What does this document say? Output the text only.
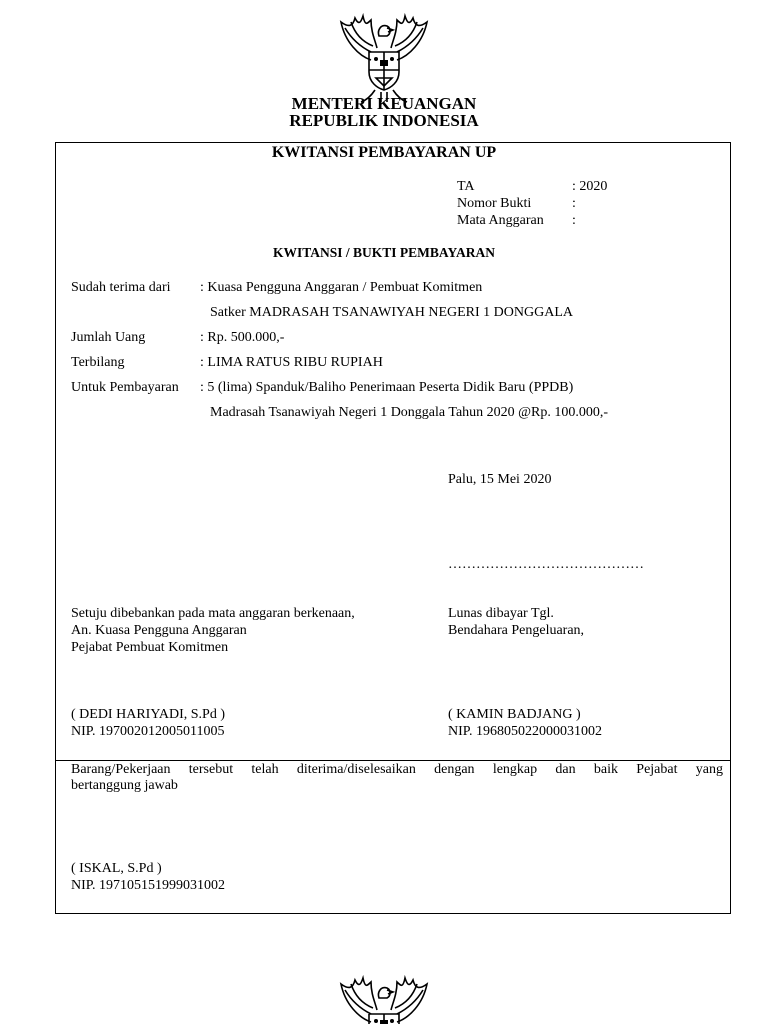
MENTERI KEUANGAN
REPUBLIK INDONESIA
KWITANSI PEMBAYARAN UP
TA	: 2020
Nomor Bukti	:
Mata Anggaran :
KWITANSI / BUKTI PEMBAYARAN
Sudah terima dari : Kuasa Pengguna Anggaran / Pembuat Komitmen
Satker MADRASAH TSANAWIYAH NEGERI 1 DONGGALA
Jumlah Uang	: Rp. 500.000,-
Terbilang	: LIMA RATUS RIBU RUPIAH
Untuk Pembayaran : 5 (lima) Spanduk/Baliho Penerimaan Peserta Didik Baru (PPDB)
Madrasah Tsanawiyah Negeri 1 Donggala Tahun 2020 @Rp. 100.000,-
Palu, 15 Mei 2020
……………………………………
Setuju dibebankan pada mata anggaran berkenaan,
An. Kuasa Pengguna Anggaran
Pejabat Pembuat Komitmen
( DEDI HARIYADI, S.Pd )
NIP. 197002012005011005
Lunas dibayar Tgl.
Bendahara Pengeluaran,
( KAMIN BADJANG )
NIP. 196805022000031002
Barang/Pekerjaan tersebut telah diterima/diselesaikan dengan lengkap dan baik Pejabat yang
bertanggung jawab
( ISKAL, S.Pd )
NIP. 197105151999031002
